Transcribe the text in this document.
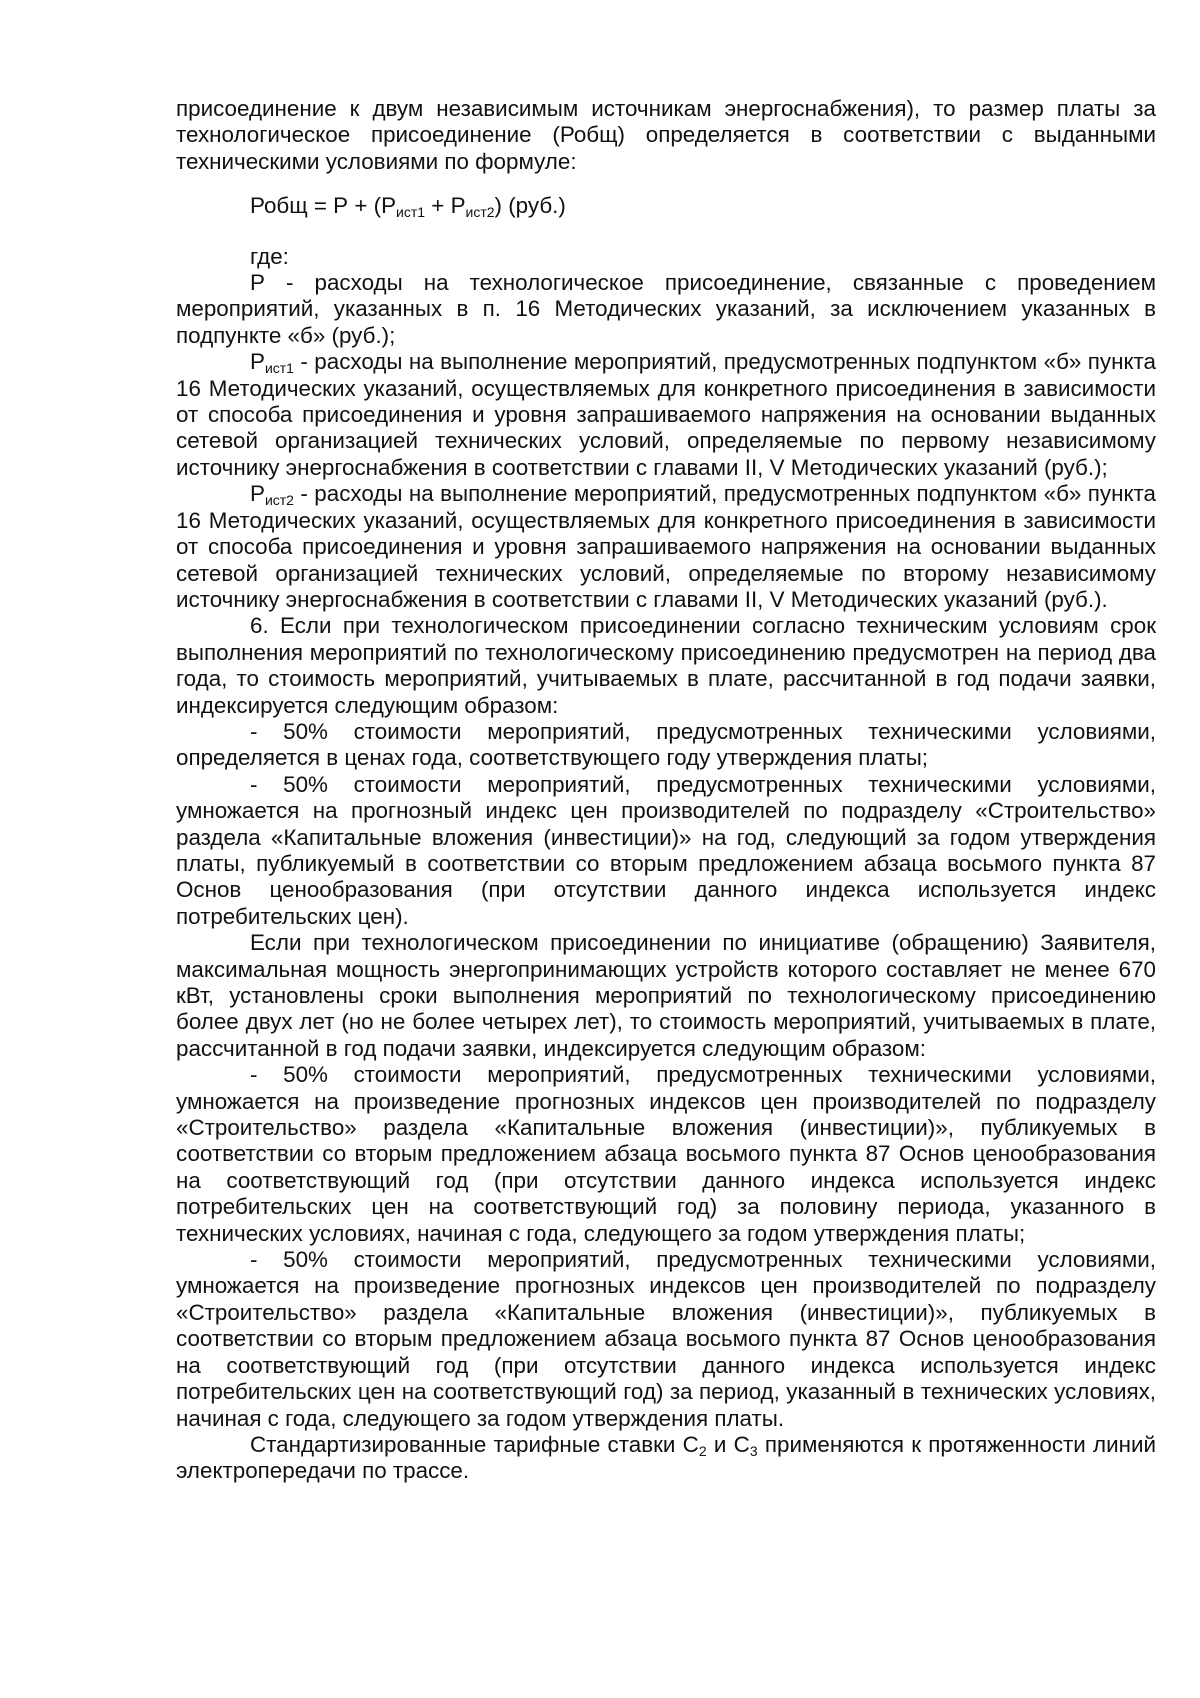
присоединение к двум независимым источникам энергоснабжения), то размер платы за технологическое присоединение (Робщ) определяется в соответствии с выданными техническими условиями по формуле:

Робщ = $Р + (Р_{ист1} + Р_{ист2})$ (руб.)

где:

Р - расходы на технологическое присоединение, связанные с проведением мероприятий, указанных в п. 16 Методических указаний, за исключением указанных в подпункте «б» (руб.);

$Р_{ист1}$ - расходы на выполнение мероприятий, предусмотренных подпунктом «б» пункта 16 Методических указаний, осуществляемых для конкретного присоединения в зависимости от способа присоединения и уровня запрашиваемого напряжения на основании выданных сетевой организацией технических условий, определяемые по первому независимому источнику энергоснабжения в соответствии с главами II, V Методических указаний (руб.);

$Р_{ист2}$ - расходы на выполнение мероприятий, предусмотренных подпунктом «б» пункта 16 Методических указаний, осуществляемых для конкретного присоединения в зависимости от способа присоединения и уровня запрашиваемого напряжения на основании выданных сетевой организацией технических условий, определяемые по второму независимому источнику энергоснабжения в соответствии с главами II, V Методических указаний (руб.).

6. Если при технологическом присоединении согласно техническим условиям срок выполнения мероприятий по технологическому присоединению предусмотрен на период два года, то стоимость мероприятий, учитываемых в плате, рассчитанной в год подачи заявки, индексируется следующим образом:

- 50% стоимости мероприятий, предусмотренных техническими условиями, определяется в ценах года, соответствующего году утверждения платы;

- 50% стоимости мероприятий, предусмотренных техническими условиями, умножается на прогнозный индекс цен производителей по подразделу «Строительство» раздела «Капитальные вложения (инвестиции)» на год, следующий за годом утверждения платы, публикуемый в соответствии со вторым предложением абзаца восьмого пункта 87 Основ ценообразования (при отсутствии данного индекса используется индекс потребительских цен).

Если при технологическом присоединении по инициативе (обращению) Заявителя, максимальная мощность энергопринимающих устройств которого составляет не менее 670 кВт, установлены сроки выполнения мероприятий по технологическому присоединению более двух лет (но не более четырех лет), то стоимость мероприятий, учитываемых в плате, рассчитанной в год подачи заявки, индексируется следующим образом:

- 50% стоимости мероприятий, предусмотренных техническими условиями, умножается на произведение прогнозных индексов цен производителей по подразделу «Строительство» раздела «Капитальные вложения (инвестиции)», публикуемых в соответствии со вторым предложением абзаца восьмого пункта 87 Основ ценообразования на соответствующий год (при отсутствии данного индекса используется индекс потребительских цен на соответствующий год) за половину периода, указанного в технических условиях, начиная с года, следующего за годом утверждения платы;

- 50% стоимости мероприятий, предусмотренных техническими условиями, умножается на произведение прогнозных индексов цен производителей по подразделу «Строительство» раздела «Капитальные вложения (инвестиции)», публикуемых в соответствии со вторым предложением абзаца восьмого пункта 87 Основ ценообразования на соответствующий год (при отсутствии данного индекса используется индекс потребительских цен на соответствующий год) за период, указанный в технических условиях, начиная с года, следующего за годом утверждения платы.

Стандартизированные тарифные ставки $С_2$ и $С_3$ применяются к протяженности линий электропередачи по трассе.
